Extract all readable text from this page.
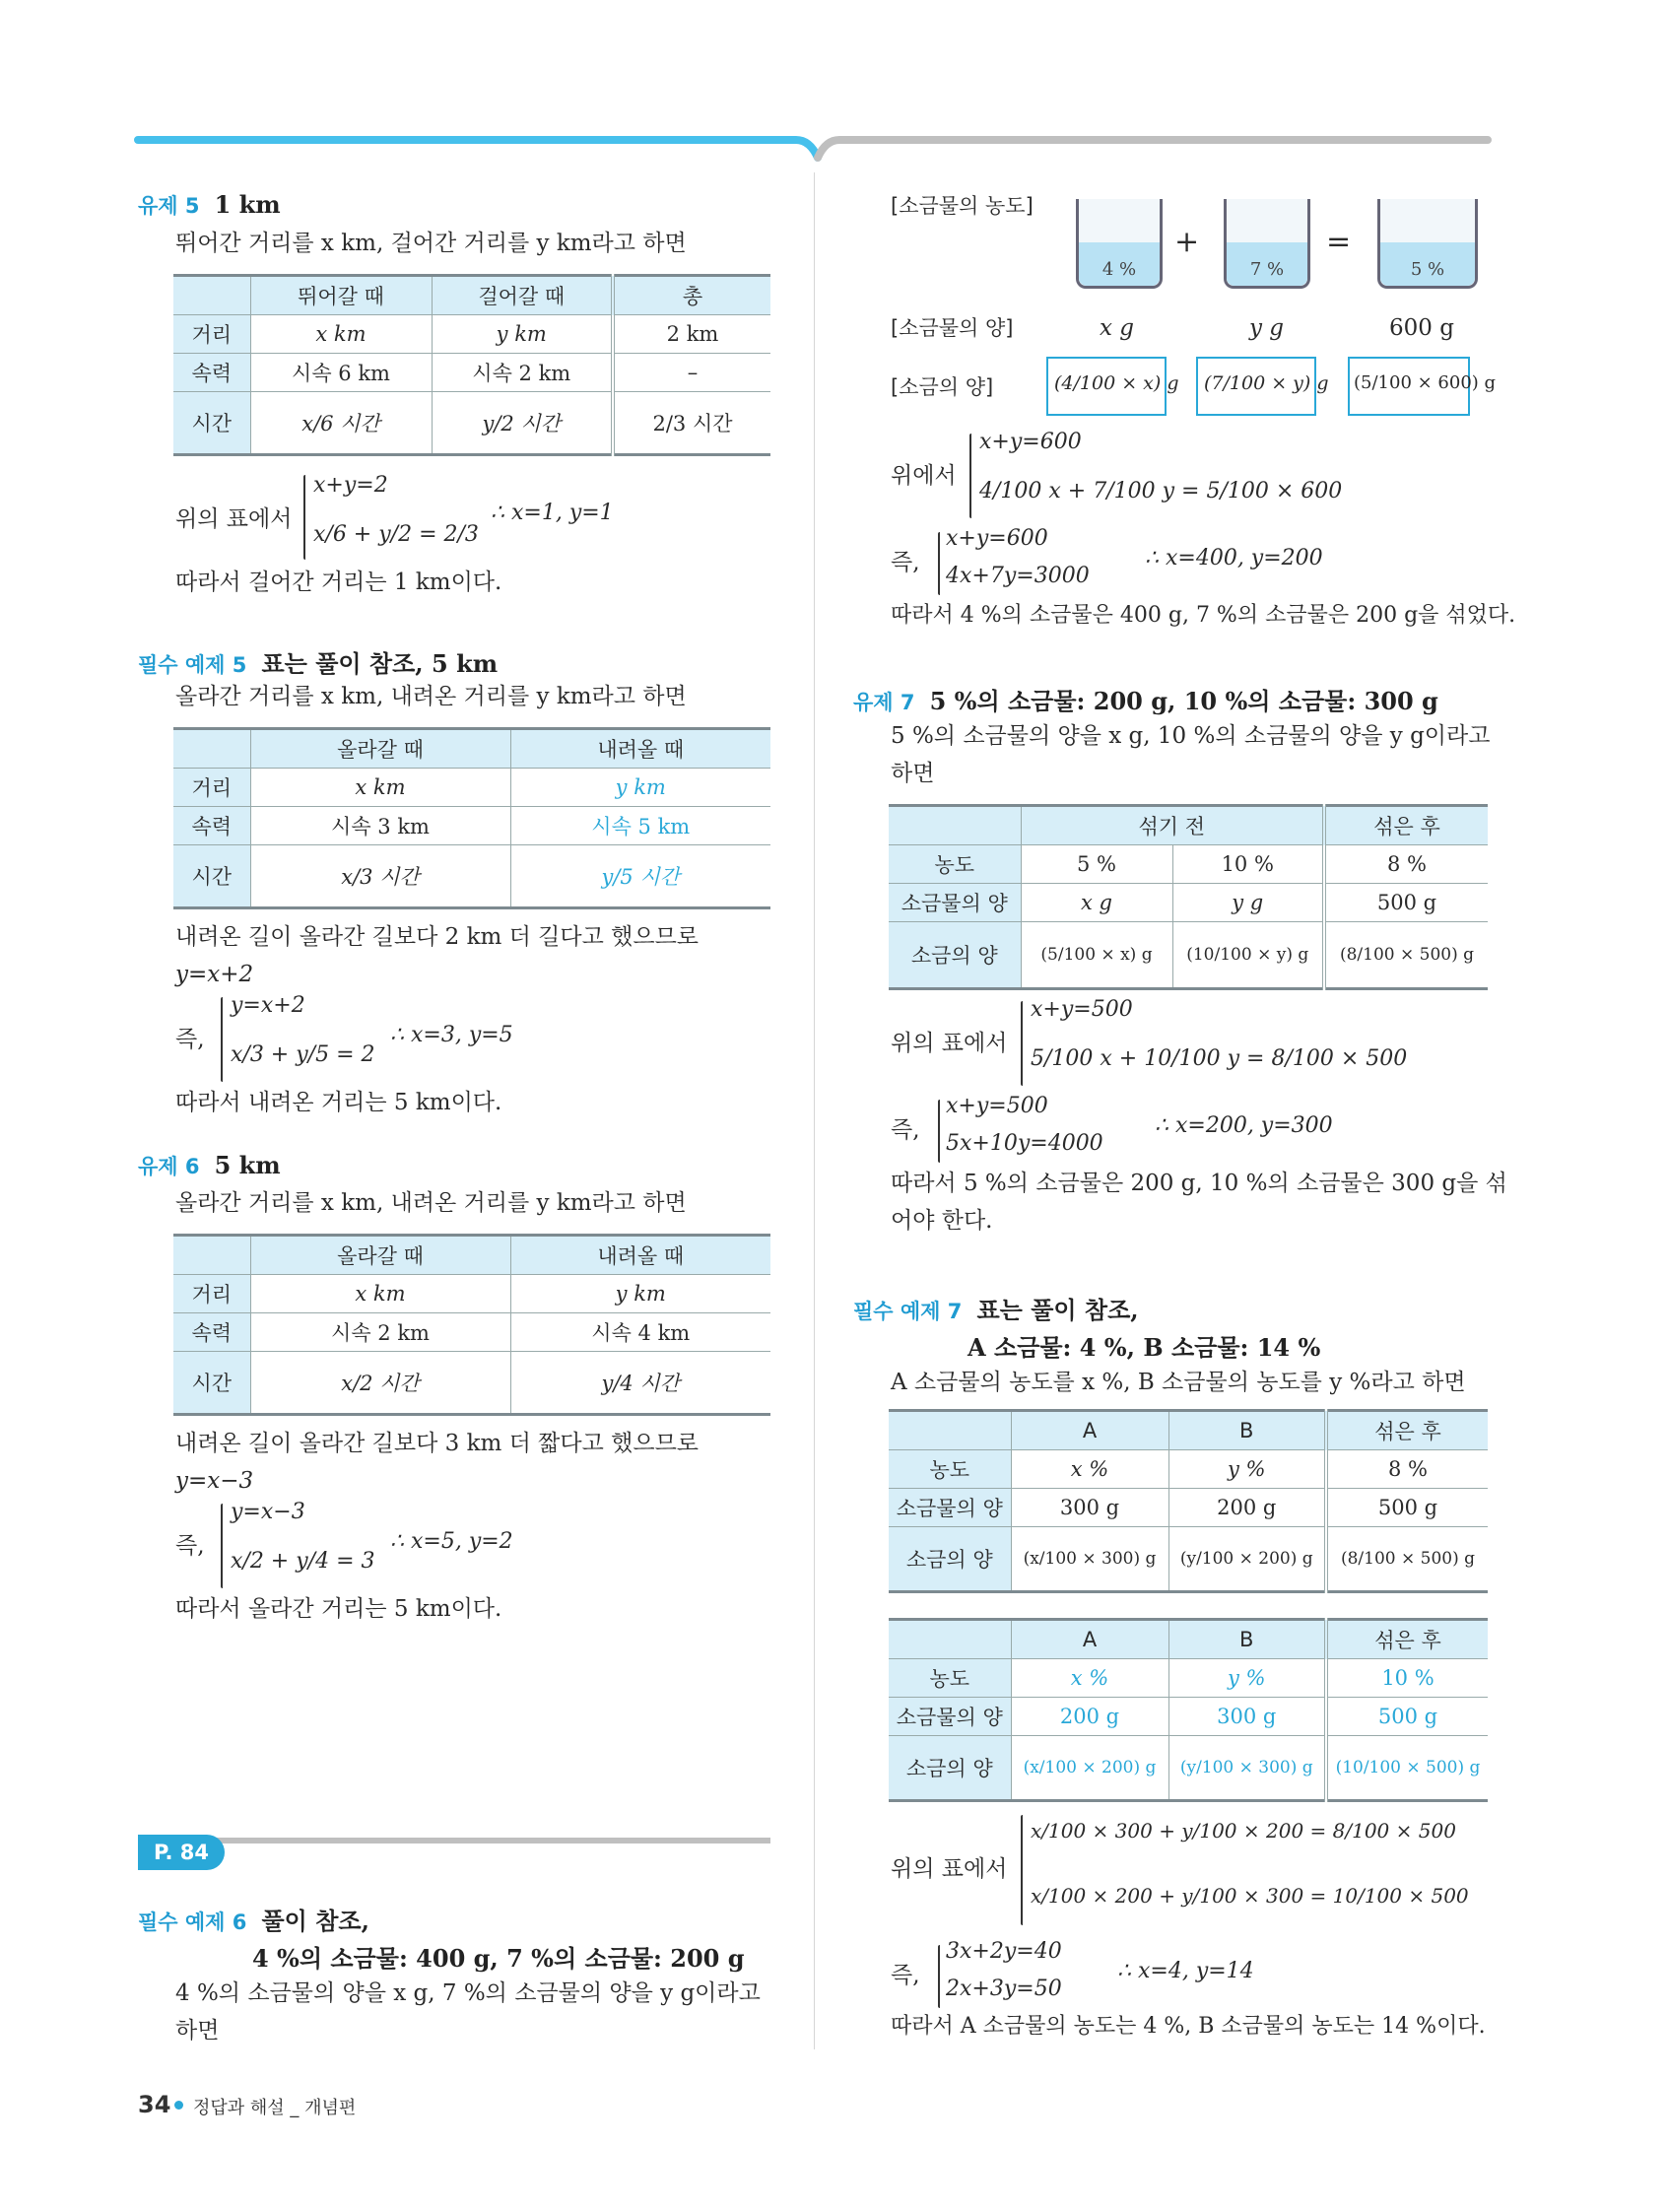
유제 5 1 km
뛰어간 거리를 x km, 걸어간 거리를 y km라고 하면
	뛰어갈 때	걸어갈 때	총
거리	x km	y km	2 km
속력	시속 6 km	시속 2 km	–
시간	x/6 시간	y/2 시간	2/3 시간
위의 표에서
x+y=2
x/6 + y/2 = 2/3
∴ x=1, y=1
따라서 걸어간 거리는 1 km이다.
필수 예제 5 표는 풀이 참조, 5 km
올라간 거리를 x km, 내려온 거리를 y km라고 하면
	올라갈 때	내려올 때
거리	x km	y km
속력	시속 3 km	시속 5 km
시간	x/3 시간	y/5 시간
내려온 길이 올라간 길보다 2 km 더 길다고 했으므로
y=x+2
즉,
y=x+2
x/3 + y/5 = 2
∴ x=3, y=5
따라서 내려온 거리는 5 km이다.
유제 6 5 km
올라간 거리를 x km, 내려온 거리를 y km라고 하면
	올라갈 때	내려올 때
거리	x km	y km
속력	시속 2 km	시속 4 km
시간	x/2 시간	y/4 시간
내려온 길이 올라간 길보다 3 km 더 짧다고 했으므로
y=x−3
즉,
y=x−3
x/2 + y/4 = 3
∴ x=5, y=2
따라서 올라간 거리는 5 km이다.
P. 84
필수 예제 6 풀이 참조,
4 %의 소금물: 400 g, 7 %의 소금물: 200 g
4 %의 소금물의 양을 x g, 7 %의 소금물의 양을 y g이라고
하면
[소금물의 농도]
4 %
+
7 %
=
5 %
[소금물의 양]	x g	y g	600 g
[소금의 양]	(4/100 × x) g (7/100 × y) g (5/100 × 600) g
위에서
x+y=600
4/100 x + 7/100 y = 5/100 × 600
즉,
x+y=600
4x+7y=3000
∴ x=400, y=200
따라서 4 %의 소금물은 400 g, 7 %의 소금물은 200 g을 섞었다.
유제 7 5 %의 소금물: 200 g, 10 %의 소금물: 300 g
5 %의 소금물의 양을 x g, 10 %의 소금물의 양을 y g이라고
하면
	섞기 전		섞은 후
농도	5 %	10 %	8 %
소금물의 양	x g	y g	500 g
소금의 양	(5/100 × x) g	(10/100 × y) g	(8/100 × 500) g
위의 표에서
x+y=500
5/100 x + 10/100 y = 8/100 × 500
즉,
x+y=500
5x+10y=4000
∴ x=200, y=300
따라서 5 %의 소금물은 200 g, 10 %의 소금물은 300 g을 섞
어야 한다.
필수 예제 7 표는 풀이 참조,
A 소금물: 4 %, B 소금물: 14 %
A 소금물의 농도를 x %, B 소금물의 농도를 y %라고 하면
	A	B	섞은 후
농도	x %	y %	8 %
소금물의 양	300 g	200 g	500 g
소금의 양	(x/100 × 300) g	(y/100 × 200) g	(8/100 × 500) g
	A	B	섞은 후
농도	x %	y %	10 %
소금물의 양	200 g	300 g	500 g
소금의 양	(x/100 × 200) g	(y/100 × 300) g	(10/100 × 500) g
위의 표에서
x/100 × 300 + y/100 × 200 = 8/100 × 500
x/100 × 200 + y/100 × 300 = 10/100 × 500
즉,
3x+2y=40
2x+3y=50
∴ x=4, y=14
따라서 A 소금물의 농도는 4 %, B 소금물의 농도는 14 %이다.
34 정답과 해설 _ 개념편
